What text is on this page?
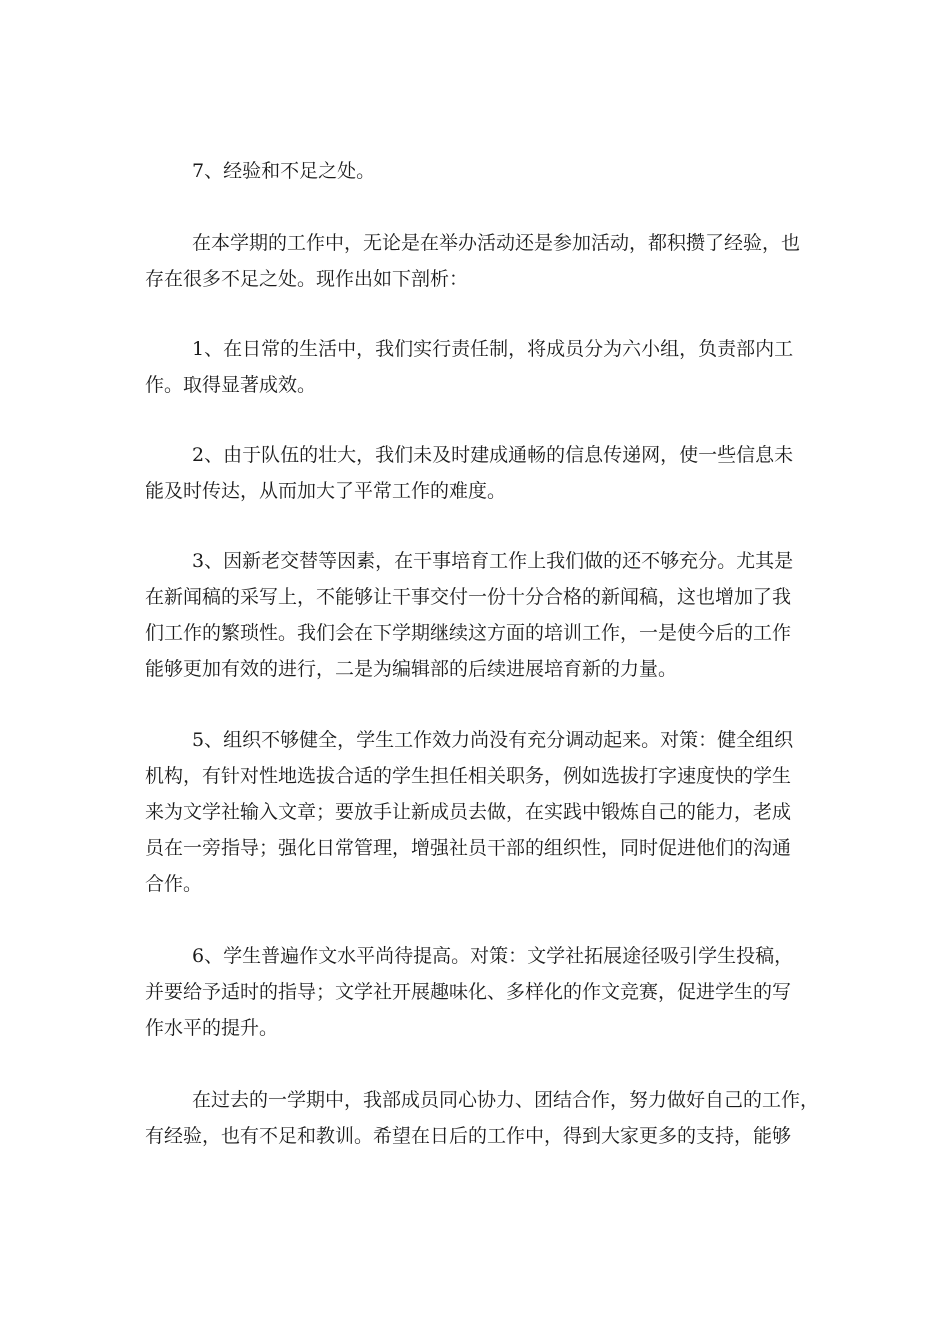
7、经验和不足之处。
在本学期的工作中，无论是在举办活动还是参加活动，都积攒了经验，也
存在很多不足之处。现作出如下剖析：
1、在日常的生活中，我们实行责任制，将成员分为六小组，负责部内工
作。取得显著成效。
2、由于队伍的壮大，我们未及时建成通畅的信息传递网，使一些信息未
能及时传达，从而加大了平常工作的难度。
3、因新老交替等因素，在干事培育工作上我们做的还不够充分。尤其是
在新闻稿的采写上，不能够让干事交付一份十分合格的新闻稿，这也增加了我
们工作的繁琐性。我们会在下学期继续这方面的培训工作，一是使今后的工作
能够更加有效的进行，二是为编辑部的后续进展培育新的力量。
5、组织不够健全，学生工作效力尚没有充分调动起来。对策：健全组织
机构，有针对性地选拔合适的学生担任相关职务，例如选拔打字速度快的学生
来为文学社输入文章；要放手让新成员去做，在实践中锻炼自己的能力，老成
员在一旁指导；强化日常管理，增强社员干部的组织性，同时促进他们的沟通
合作。
6、学生普遍作文水平尚待提高。对策：文学社拓展途径吸引学生投稿，
并要给予适时的指导；文学社开展趣味化、多样化的作文竞赛，促进学生的写
作水平的提升。
在过去的一学期中，我部成员同心协力、团结合作，努力做好自己的工作，
有经验，也有不足和教训。希望在日后的工作中，得到大家更多的支持，能够
